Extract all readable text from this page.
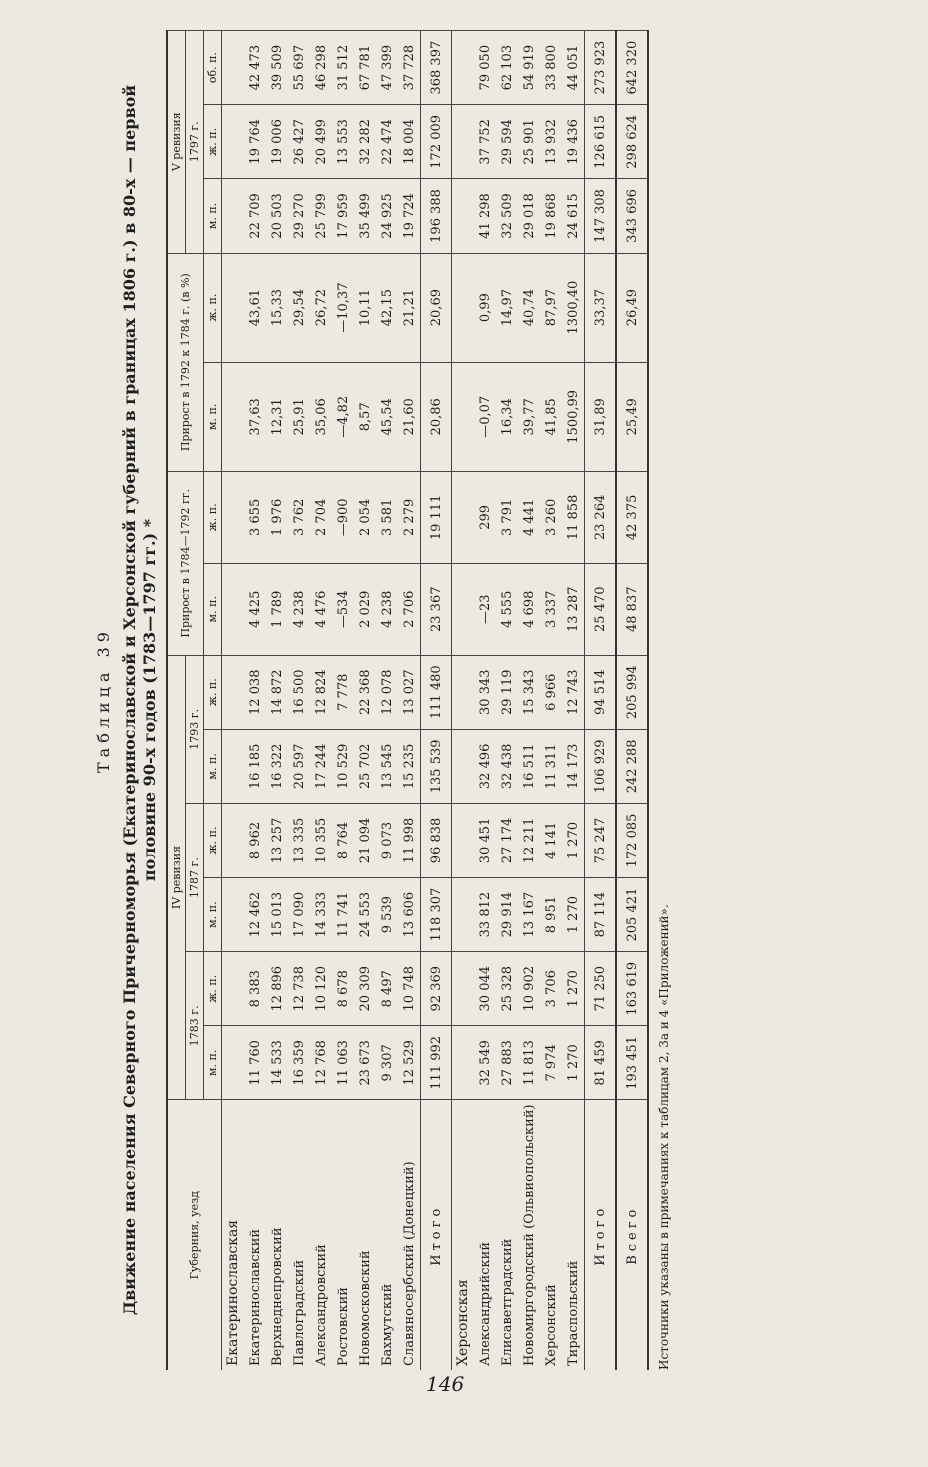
146
Таблица 39 Движение населения Северного Причерноморья (Екатеринославской и Херсонской губерний в границах 1806 г.) в 80-х — первой половине 90-х годов (1783—1797 гг.) *
Губерния, уезд	IV ревизия						Прирост в 1784—1792 гг.		Прирост в 1792 к 1784 г. (в %)		V ревизия		
	1783 г.		1787 г.		1793 г.						1797 г.		
	м. п.	ж. п.	м. п.	ж. п.	м. п.	ж. п.	м. п.	ж. п.	м. п.	ж. п.	м. п.	ж. п.	об. п.
Екатеринославская													
Екатеринославский	11 760	8 383	12 462	8 962	16 185	12 038	4 425	3 655	37,63	43,61	22 709	19 764	42 473
Верхнеднепровский	14 533	12 896	15 013	13 257	16 322	14 872	1 789	1 976	12,31	15,33	20 503	19 006	39 509
Павлоградский	16 359	12 738	17 090	13 335	20 597	16 500	4 238	3 762	25,91	29,54	29 270	26 427	55 697
Александровский	12 768	10 120	14 333	10 355	17 244	12 824	4 476	2 704	35,06	26,72	25 799	20 499	46 298
Ростовский	11 063	8 678	11 741	8 764	10 529	7 778	—534	—900	—4,82	—10,37	17 959	13 553	31 512
Новомосковский	23 673	20 309	24 553	21 094	25 702	22 368	2 029	2 054	8,57	10,11	35 499	32 282	67 781
Бахмутский	9 307	8 497	9 539	9 073	13 545	12 078	4 238	3 581	45,54	42,15	24 925	22 474	47 399
Славяносербский (Донецкий)	12 529	10 748	13 606	11 998	15 235	13 027	2 706	2 279	21,60	21,21	19 724	18 004	37 728
Итого	111 992	92 369	118 307	96 838	135 539	111 480	23 367	19 111	20,86	20,69	196 388	172 009	368 397
Херсонская													
Александрийский	32 549	30 044	33 812	30 451	32 496	30 343	—23	299	—0,07	0,99	41 298	37 752	79 050
Елисаветградский	27 883	25 328	29 914	27 174	32 438	29 119	4 555	3 791	16,34	14,97	32 509	29 594	62 103
Новомиргородский (Ольвиопольский)	11 813	10 902	13 167	12 211	16 511	15 343	4 698	4 441	39,77	40,74	29 018	25 901	54 919
Херсонский	7 974	3 706	8 951	4 141	11 311	6 966	3 337	3 260	41,85	87,97	19 868	13 932	33 800
Тираспольский	1 270	1 270	1 270	1 270	14 173	12 743	13 287	11 858	1500,99	1300,40	24 615	19 436	44 051
Итого	81 459	71 250	87 114	75 247	106 929	94 514	25 470	23 264	31,89	33,37	147 308	126 615	273 923
Всего	193 451	163 619	205 421	172 085	242 288	205 994	48 837	42 375	25,49	26,49	343 696	298 624	642 320
Источники указаны в примечаниях к таблицам 2, 3а и 4 «Приложений».
